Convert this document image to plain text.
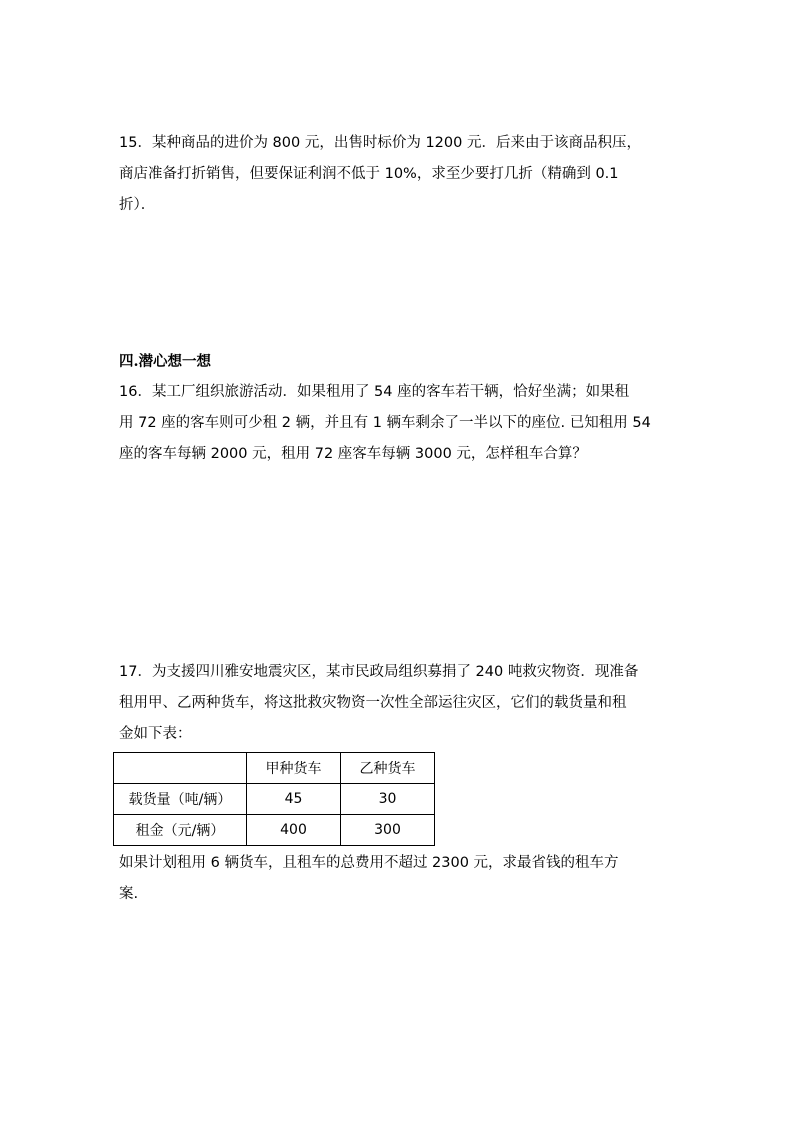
15．某种商品的进价为 800 元，出售时标价为 1200 元．后来由于该商品积压，
商店准备打折销售，但要保证利润不低于 10%，求至少要打几折（精确到 0.1
折）．
四.潜心想一想
16．某工厂组织旅游活动．如果租用了 54 座的客车若干辆，恰好坐满；如果租
用 72 座的客车则可少租 2 辆，并且有 1 辆车剩余了一半以下的座位. 已知租用 54
座的客车每辆 2000 元，租用 72 座客车每辆 3000 元，怎样租车合算？
17．为支援四川雅安地震灾区，某市民政局组织募捐了 240 吨救灾物资．现准备
租用甲、乙两种货车，将这批救灾物资一次性全部运往灾区，它们的载货量和租
金如下表：
	甲种货车	乙种货车
载货量（吨/辆）	45	30
租金（元/辆）	400	300
如果计划租用 6 辆货车，且租车的总费用不超过 2300 元，求最省钱的租车方
案.
